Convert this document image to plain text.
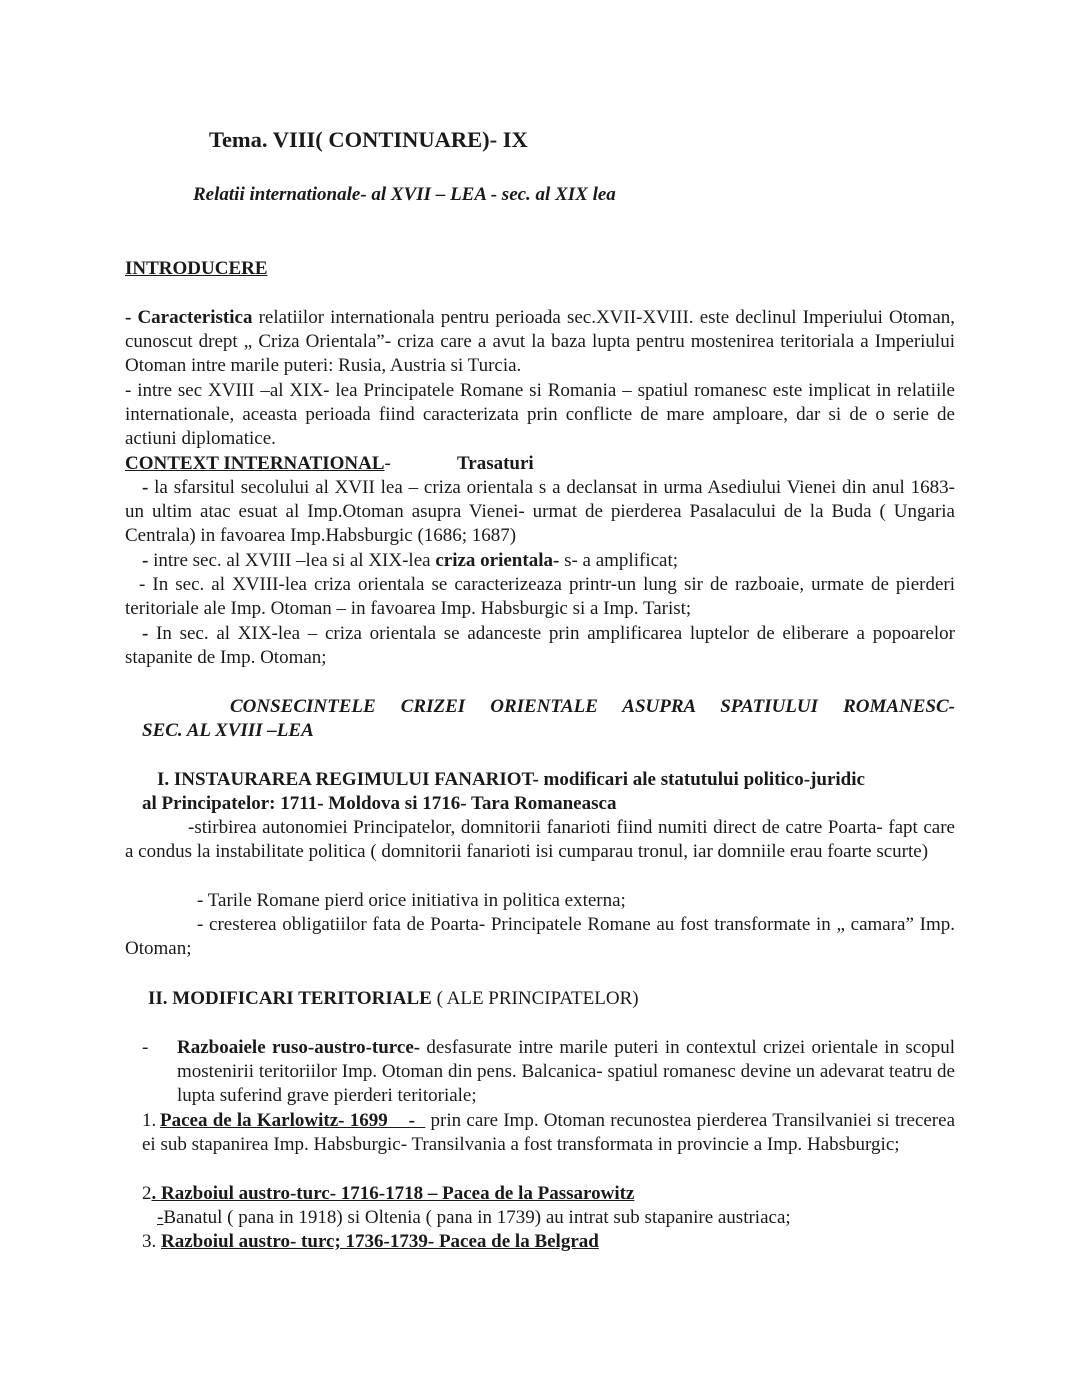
Tema. VIII( CONTINUARE)- IX
Relatii internationale- al XVII – LEA - sec. al XIX lea
INTRODUCERE
- Caracteristica relatiilor internationala pentru perioada sec.XVII-XVIII. este declinul Imperiului Otoman, cunoscut drept „ Criza Orientala”- criza care a avut la baza lupta pentru mostenirea teritoriala a Imperiului Otoman intre marile puteri: Rusia, Austria si Turcia.
- intre sec XVIII –al XIX- lea Principatele Romane si Romania – spatiul romanesc este implicat in relatiile internationale, aceasta perioada fiind caracterizata prin conflicte de mare amploare, dar si de o serie de actiuni diplomatice.
CONTEXT INTERNATIONAL-	Trasaturi
- la sfarsitul secolului al XVII lea – criza orientala s a declansat in urma Asediului Vienei din anul 1683- un ultim atac esuat al Imp.Otoman asupra Vienei- urmat de pierderea Pasalacului de la Buda ( Ungaria Centrala) in favoarea Imp.Habsburgic (1686; 1687)
- intre sec. al XVIII –lea si al XIX-lea criza orientala- s- a amplificat;
- In sec. al XVIII-lea criza orientala se caracterizeaza printr-un lung sir de razboaie, urmate de pierderi teritoriale ale Imp. Otoman – in favoarea Imp. Habsburgic si a Imp. Tarist;
- In sec. al XIX-lea – criza orientala se adanceste prin amplificarea luptelor de eliberare a popoarelor stapanite de Imp. Otoman;
CONSECINTELE CRIZEI ORIENTALE ASUPRA SPATIULUI ROMANESC-
SEC. AL XVIII –LEA
I. INSTAURAREA REGIMULUI FANARIOT- modificari ale statutului politico-juridic
al Principatelor: 1711- Moldova si 1716- Tara Romaneasca
-stirbirea autonomiei Principatelor, domnitorii fanarioti fiind numiti direct de catre Poarta- fapt care a condus la instabilitate politica ( domnitorii fanarioti isi cumparau tronul, iar domniile erau foarte scurte)
- Tarile Romane pierd orice initiativa in politica externa;
- cresterea obligatiilor fata de Poarta- Principatele Romane au fost transformate in „ camara” Imp. Otoman;
II. MODIFICARI TERITORIALE ( ALE PRINCIPATELOR)
- Razboaiele ruso-austro-turce- desfasurate intre marile puteri in contextul crizei orientale in scopul mostenirii teritoriilor Imp. Otoman din pens. Balcanica- spatiul romanesc devine un adevarat teatru de lupta suferind grave pierderi teritoriale;
1. Pacea de la Karlowitz- 1699    -   prin care Imp. Otoman recunostea pierderea Transilvaniei si trecerea ei sub stapanirea Imp. Habsburgic- Transilvania a fost transformata in provincie a Imp. Habsburgic;
2. Razboiul austro-turc- 1716-1718 – Pacea de la Passarowitz
-Banatul ( pana in 1918) si Oltenia ( pana in 1739) au intrat sub stapanire austriaca;
3. Razboiul austro- turc; 1736-1739- Pacea de la Belgrad
